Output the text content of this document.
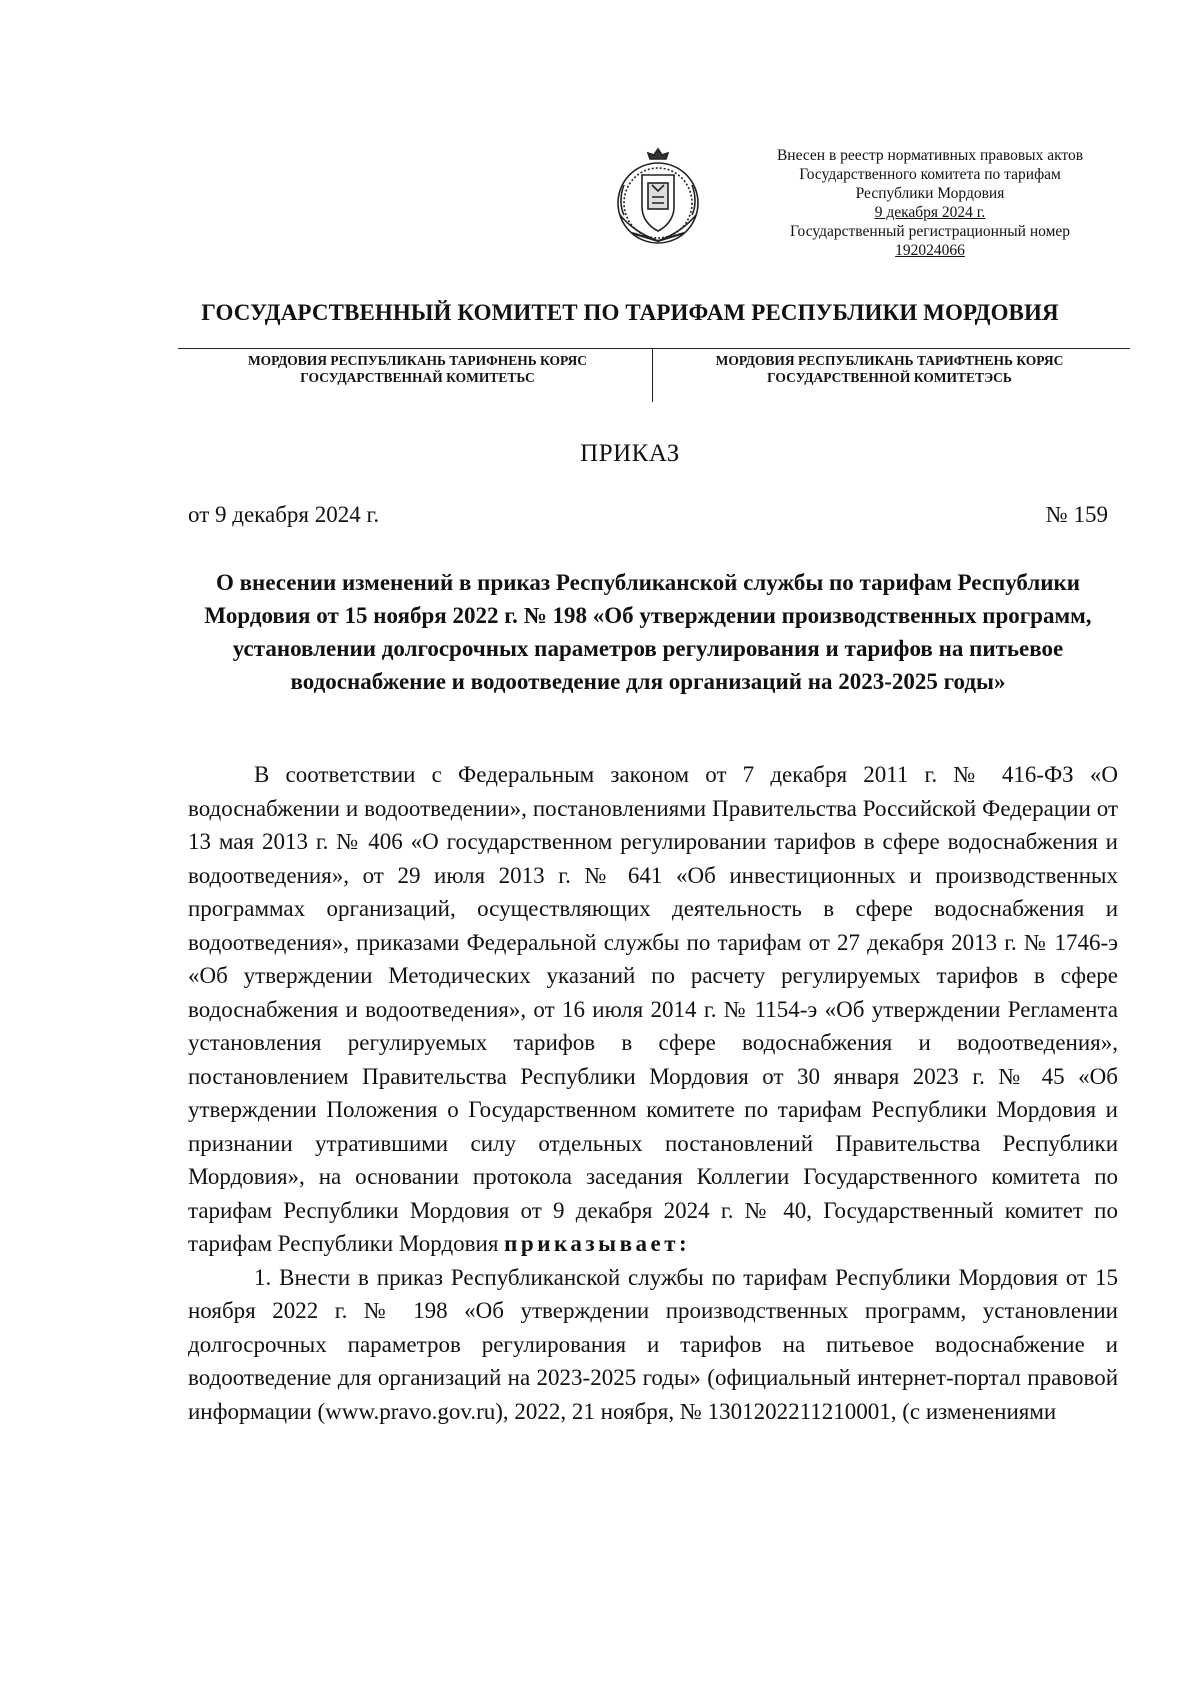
Внесен в реестр нормативных правовых актов
Государственного комитета по тарифам
Республики Мордовия
9 декабря 2024 г.
Государственный регистрационный номер
192024066
ГОСУДАРСТВЕННЫЙ КОМИТЕТ ПО ТАРИФАМ РЕСПУБЛИКИ МОРДОВИЯ
МОРДОВИЯ РЕСПУБЛИКАНЬ ТАРИФНЕНЬ КОРЯС
ГОСУДАРСТВЕННАЙ КОМИТЕТЬС
МОРДОВИЯ РЕСПУБЛИКАНЬ ТАРИФТНЕНЬ КОРЯС
ГОСУДАРСТВЕННОЙ КОМИТЕТЭСЬ
ПРИКАЗ
от 9 декабря 2024 г.	№ 159
О внесении изменений в приказ Республиканской службы по тарифам Республики Мордовия от 15 ноября 2022 г. № 198 «Об утверждении производственных программ, установлении долгосрочных параметров регулирования и тарифов на питьевое водоснабжение и водоотведение для организаций на 2023-2025 годы»

В соответствии с Федеральным законом от 7 декабря 2011 г. № 416-ФЗ «О водоснабжении и водоотведении», постановлениями Правительства Российской Федерации от 13 мая 2013 г. № 406 «О государственном регулировании тарифов в сфере водоснабжения и водоотведения», от 29 июля 2013 г. № 641 «Об инвестиционных и производственных программах организаций, осуществляющих деятельность в сфере водоснабжения и водоотведения», приказами Федеральной службы по тарифам от 27 декабря 2013 г. № 1746-э «Об утверждении Методических указаний по расчету регулируемых тарифов в сфере водоснабжения и водоотведения», от 16 июля 2014 г. № 1154-э «Об утверждении Регламента установления регулируемых тарифов в сфере водоснабжения и водоотведения», постановлением Правительства Республики Мордовия от 30 января 2023 г. № 45 «Об утверждении Положения о Государственном комитете по тарифам Республики Мордовия и признании утратившими силу отдельных постановлений Правительства Республики Мордовия», на основании протокола заседания Коллегии Государственного комитета по тарифам Республики Мордовия от 9 декабря 2024 г. № 40, Государственный комитет по тарифам Республики Мордовия приказывает:

1. Внести в приказ Республиканской службы по тарифам Республики Мордовия от 15 ноября 2022 г. № 198 «Об утверждении производственных программ, установлении долгосрочных параметров регулирования и тарифов на питьевое водоснабжение и водоотведение для организаций на 2023-2025 годы» (официальный интернет-портал правовой информации (www.pravo.gov.ru), 2022, 21 ноября, № 1301202211210001, (с изменениями
